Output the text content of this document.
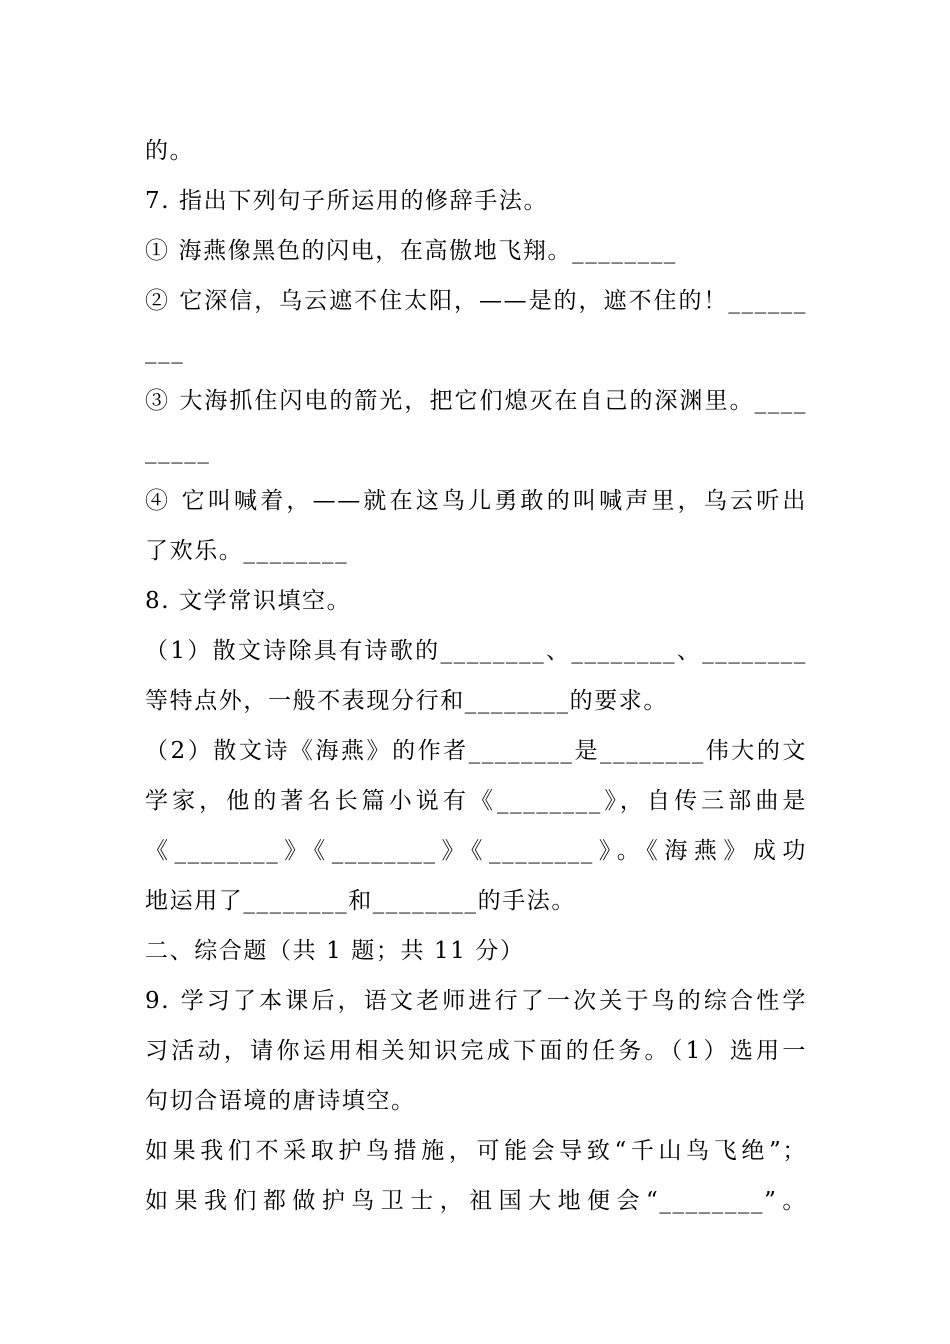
的。
7. 指出下列句子所运用的修辞手法。
① 海燕像黑色的闪电，在高傲地飞翔。________
② 它深信，乌云遮不住太阳，——是的，遮不住的！______
___
③ 大海抓住闪电的箭光，把它们熄灭在自己的深渊里。____
_____
④ 它叫喊着，——就在这鸟儿勇敢的叫喊声里，乌云听出
了欢乐。________
8. 文学常识填空。
（1）散文诗除具有诗歌的________、________、________
等特点外，一般不表现分行和________的要求。
（2）散文诗《海燕》的作者________是________伟大的文
学家，他的著名长篇小说有《________》，自传三部曲是
《________》《________》《________》。《海燕》成功
地运用了________和________的手法。
二、综合题（共 1 题；共 11 分）
9. 学习了本课后，语文老师进行了一次关于鸟的综合性学
习活动，请你运用相关知识完成下面的任务。（1）选用一
句切合语境的唐诗填空。
如果我们不采取护鸟措施，可能会导致“千山鸟飞绝”；
如果我们都做护鸟卫士，祖国大地便会“________”。
